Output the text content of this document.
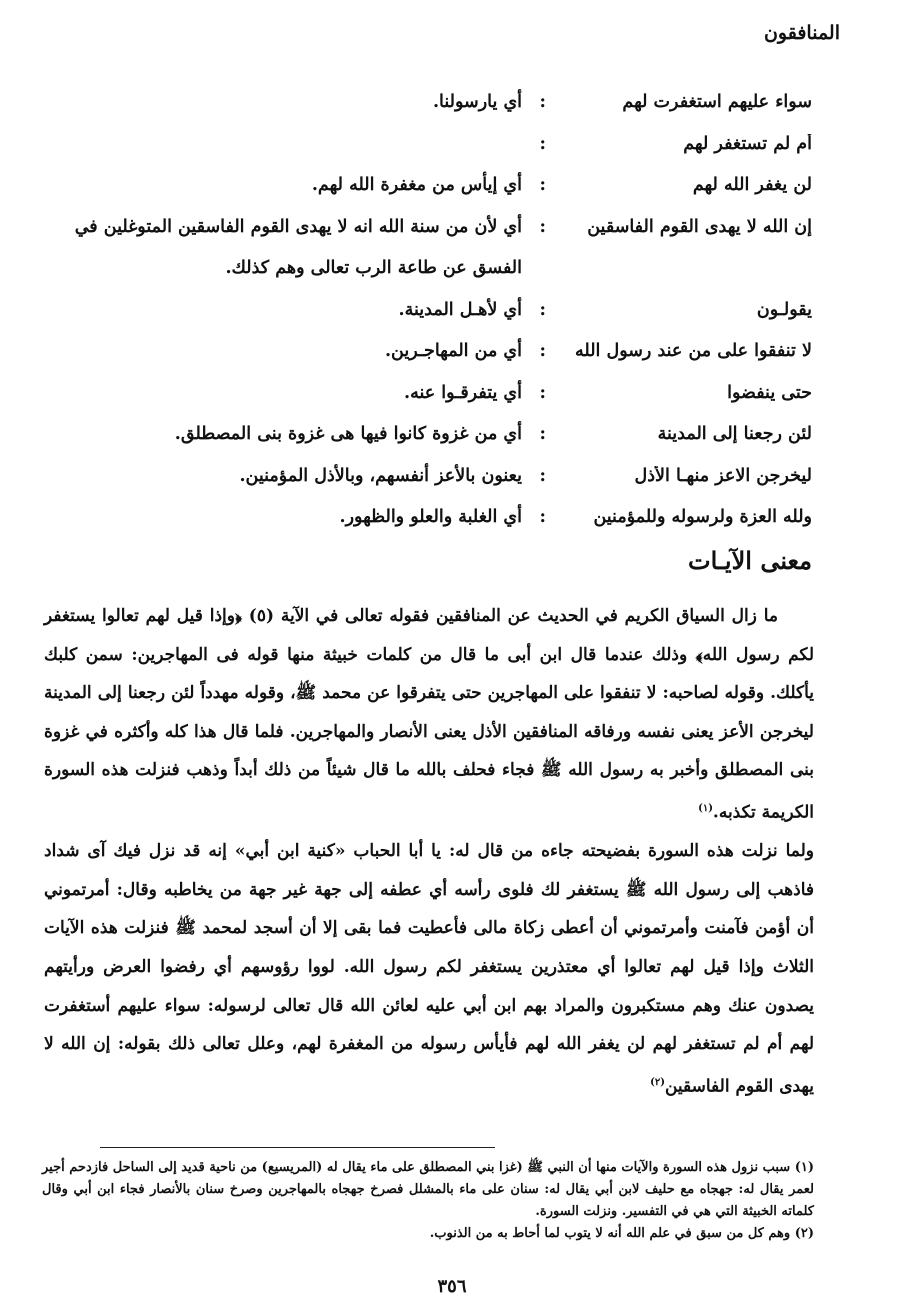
المنافقون
سواء عليهم استغفرت لهم
:
أي يارسولنا.
أم لم تستغفر لهم
:
لن يغفر الله لهم
:
أي إيأس من مغفرة الله لهم.
إن الله لا يهدى القوم الفاسقين
:
أي لأن من سنة الله انه لا يهدى القوم الفاسقين المتوغلين في الفسق عن طاعة الرب تعالى وهم كذلك.
يقولـون
:
أي لأهـل المدينة.
لا تنفقوا على من عند رسول الله
:
أي من المهاجـرين.
حتى ينفضوا
:
أي يتفرقـوا عنه.
لئن رجعنا إلى المدينة
:
أي من غزوة كانوا فيها هى غزوة بنى المصطلق.
ليخرجن الاعز منهـا الأذل
:
يعنون بالأعز أنفسهم، وبالأذل المؤمنين.
ولله العزة ولرسوله وللمؤمنين
:
أي الغلبة والعلو والظهور.
معنى الآيـات

ما زال السياق الكريم في الحديث عن المنافقين فقوله تعالى في الآية (٥) ﴿وإذا قيل لهم تعالوا يستغفر لكم رسول الله﴾ وذلك عندما قال ابن أبى ما قال من كلمات خبيثة منها قوله فى المهاجرين: سمن كلبك يأكلك. وقوله لصاحبه: لا تنفقوا على المهاجرين حتى يتفرقوا عن محمد ﷺ، وقوله مهدداً لئن رجعنا إلى المدينة ليخرجن الأعز يعنى نفسه ورفاقه المنافقين الأذل يعنى الأنصار والمهاجرين. فلما قال هذا كله وأكثره في غزوة بنى المصطلق وأخبر به رسول الله ﷺ فجاء فحلف بالله ما قال شيئاً من ذلك أبداً وذهب فنزلت هذه السورة الكريمة تكذبه.$^{(١)}$

ولما نزلت هذه السورة بفضيحته جاءه من قال له: يا أبا الحباب «كنية ابن أبي» إنه قد نزل فيك آى شداد فاذهب إلى رسول الله ﷺ يستغفر لك فلوى رأسه أي عطفه إلى جهة غير جهة من يخاطبه وقال: أمرتموني أن أؤمن فآمنت وأمرتموني أن أعطى زكاة مالى فأعطيت فما بقى إلا أن أسجد لمحمد ﷺ فنزلت هذه الآيات الثلاث وإذا قيل لهم تعالوا أي معتذرين يستغفر لكم رسول الله. لووا رؤوسهم أي رفضوا العرض ورأيتهم يصدون عنك وهم مستكبرون والمراد بهم ابن أبي عليه لعائن الله قال تعالى لرسوله: سواء عليهم أستغفرت لهم أم لم تستغفر لهم لن يغفر الله لهم فأيأس رسوله من المغفرة لهم، وعلل تعالى ذلك بقوله: إن الله لا يهدى القوم الفاسقين$^{(٢)}$

(١) سبب نزول هذه السورة والآيات منها أن النبي ﷺ (غزا بني المصطلق على ماء يقال له (المريسيع) من ناحية قديد إلى الساحل فازدحم أجير لعمر يقال له: جهجاه مع حليف لابن أبي يقال له: سنان على ماء بالمشلل فصرخ جهجاه بالمهاجرين وصرخ سنان بالأنصار فجاء ابن أبي وقال كلماته الخبيثة التي هي في التفسير. ونزلت السورة.

(٢) وهم كل من سبق في علم الله أنه لا يتوب لما أحاط به من الذنوب.

٣٥٦
